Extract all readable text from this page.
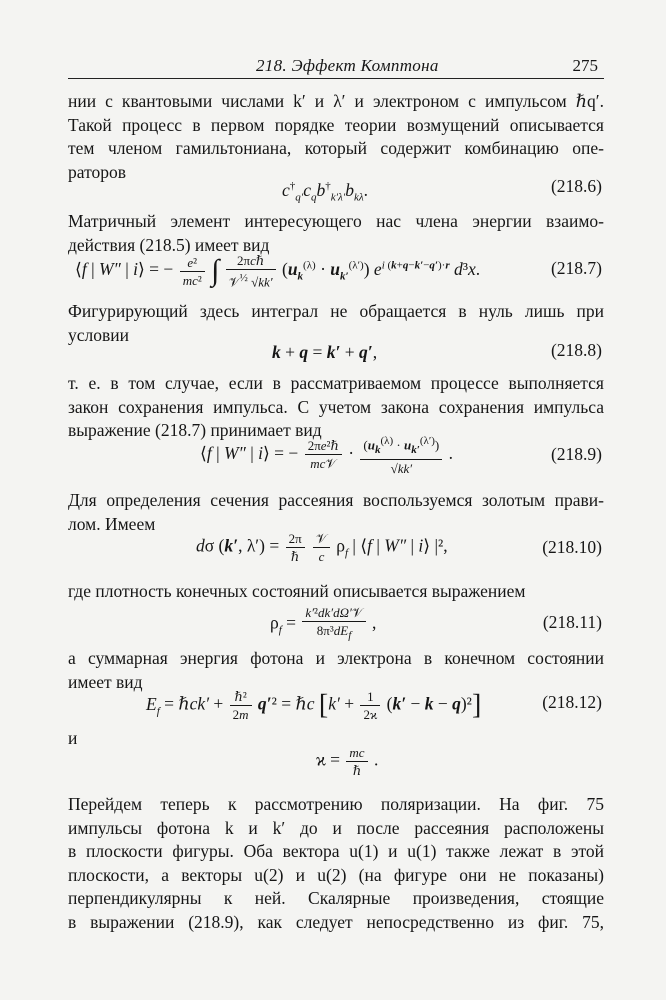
218. Эффект Комптона	275
нии с квантовыми числами k′ и λ′ и электроном с импульсом ℏq′.
Такой процесс в первом порядке теории возмущений описывается
тем членом гамильтониана, который содержит комбинацию опе-
раторов
$c^\dagger_{q'}c_qb^\dagger_{k'\lambda'}b_{k\lambda}$.	(218.6)
Матричный элемент интересующего нас члена энергии взаимо-
действия (218.5) имеет вид
⟨f | W″ | i⟩ = − $\frac{\text{e²}}{\text{mc²}}$ ∫	2πcℏ
𝒱$^{\frac{1}{2}}$ √kk′
$(u_k^{(\lambda)} \cdot u_{k'}^{(\lambda')})$ $e^{i (k+q-k'-q')\cdot r}$ d³x.	(218.7)
Фигурирующий здесь интеграл не обращается в нуль лишь при
условии
k + q = k′ + q′,	(218.8)
т. е. в том случае, если в рассматриваемом процессе выполняется
закон сохранения импульса. С учетом закона сохранения импульса
выражение (218.7) принимает вид
⟨f | W″ | i⟩ = − 2πe²ℏ
mc𝒱
· $\frac{(u_k^{(\lambda)} \cdot u_{k'}^{(\lambda')})}{√kk'}$ .	(218.9)
Для определения сечения рассеяния воспользуемся золотым прави-
лом. Имеем
dσ (k′, λ′) = 2π
ℏ

𝒱
c
$\rho_f$ | ⟨f | W″ | i⟩ |²,	(218.10)
где плотность конечных состояний описывается выражением
$\rho_f$ = k′²dk′dΩ′𝒱
$8\pi^3dE_f$
,	(218.11)
а суммарная энергия фотона и электрона в конечном состоянии
имеет вид
$E_f$ = ℏck′ + ℏ²
2m
q′² = ℏc $[k' + \frac{1}{2ϰ} (k' - k - q)^2]$	(218.12)
и
ϰ = mc
ℏ
.
Перейдем теперь к рассмотрению поляризации. На фиг. 75
импульсы фотона k и k′ до и после рассеяния расположены
в плоскости фигуры. Оба вектора u(1) и u(1) также лежат в этой
плоскости, а векторы u(2) и u(2) (на фигуре они не показаны)
перпендикулярны к ней. Скалярные произведения, стоящие
в выражении (218.9), как следует непосредственно из фиг. 75,
